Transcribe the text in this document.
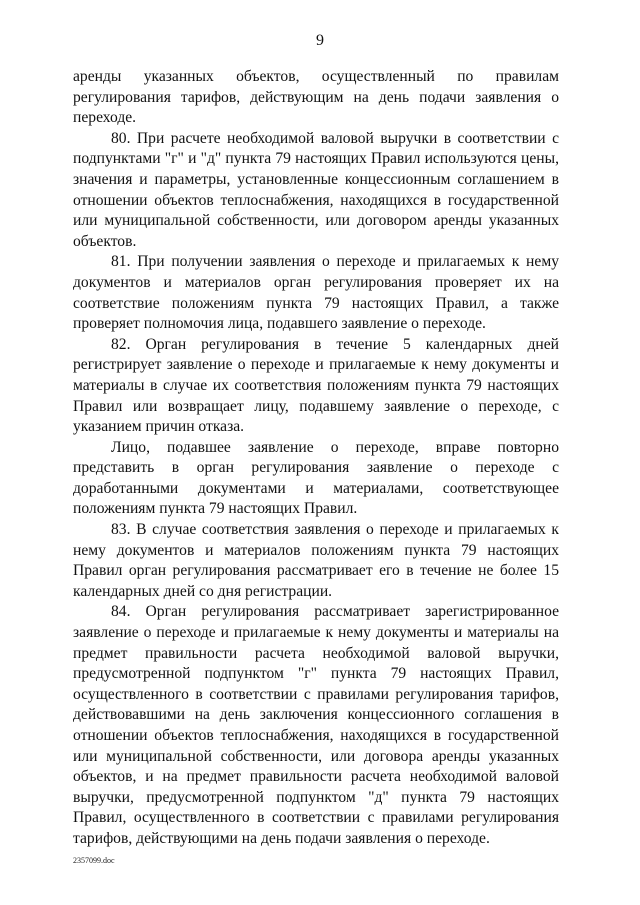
9

аренды указанных объектов, осуществленный по правилам регулирования тарифов, действующим на день подачи заявления о переходе.

80. При расчете необходимой валовой выручки в соответствии с подпунктами "г" и "д" пункта 79 настоящих Правил используются цены, значения и параметры, установленные концессионным соглашением в отношении объектов теплоснабжения, находящихся в государственной или муниципальной собственности, или договором аренды указанных объектов.

81. При получении заявления о переходе и прилагаемых к нему документов и материалов орган регулирования проверяет их на соответствие положениям пункта 79 настоящих Правил, а также проверяет полномочия лица, подавшего заявление о переходе.

82. Орган регулирования в течение 5 календарных дней регистрирует заявление о переходе и прилагаемые к нему документы и материалы в случае их соответствия положениям пункта 79 настоящих Правил или возвращает лицу, подавшему заявление о переходе, с указанием причин отказа.

Лицо, подавшее заявление о переходе, вправе повторно представить в орган регулирования заявление о переходе с доработанными документами и материалами, соответствующее положениям пункта 79 настоящих Правил.

83. В случае соответствия заявления о переходе и прилагаемых к нему документов и материалов положениям пункта 79 настоящих Правил орган регулирования рассматривает его в течение не более 15 календарных дней со дня регистрации.

84. Орган регулирования рассматривает зарегистрированное заявление о переходе и прилагаемые к нему документы и материалы на предмет правильности расчета необходимой валовой выручки, предусмотренной подпунктом "г" пункта 79 настоящих Правил, осуществленного в соответствии с правилами регулирования тарифов, действовавшими на день заключения концессионного соглашения в отношении объектов теплоснабжения, находящихся в государственной или муниципальной собственности, или договора аренды указанных объектов, и на предмет правильности расчета необходимой валовой выручки, предусмотренной подпунктом "д" пункта 79 настоящих Правил, осуществленного в соответствии с правилами регулирования тарифов, действующими на день подачи заявления о переходе.

2357099.doc
